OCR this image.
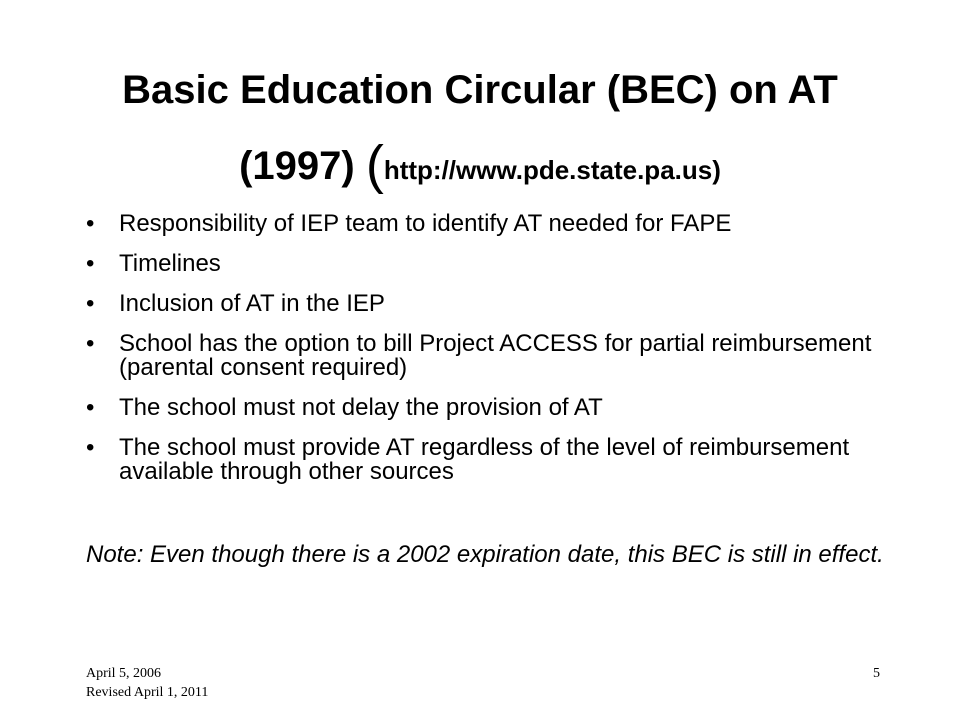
Basic Education Circular (BEC) on AT
(1997) (http://www.pde.state.pa.us)
• Responsibility of IEP team to identify AT needed for FAPE
• Timelines
• Inclusion of AT in the IEP
• School has the option to bill Project ACCESS for partial reimbursement (parental consent required)
• The school must not delay the provision of AT
• The school must provide AT regardless of the level of reimbursement available through other sources

Note: Even though there is a 2002 expiration date, this BEC is still in effect.

April 5, 2006
Revised April 1, 2011
5
